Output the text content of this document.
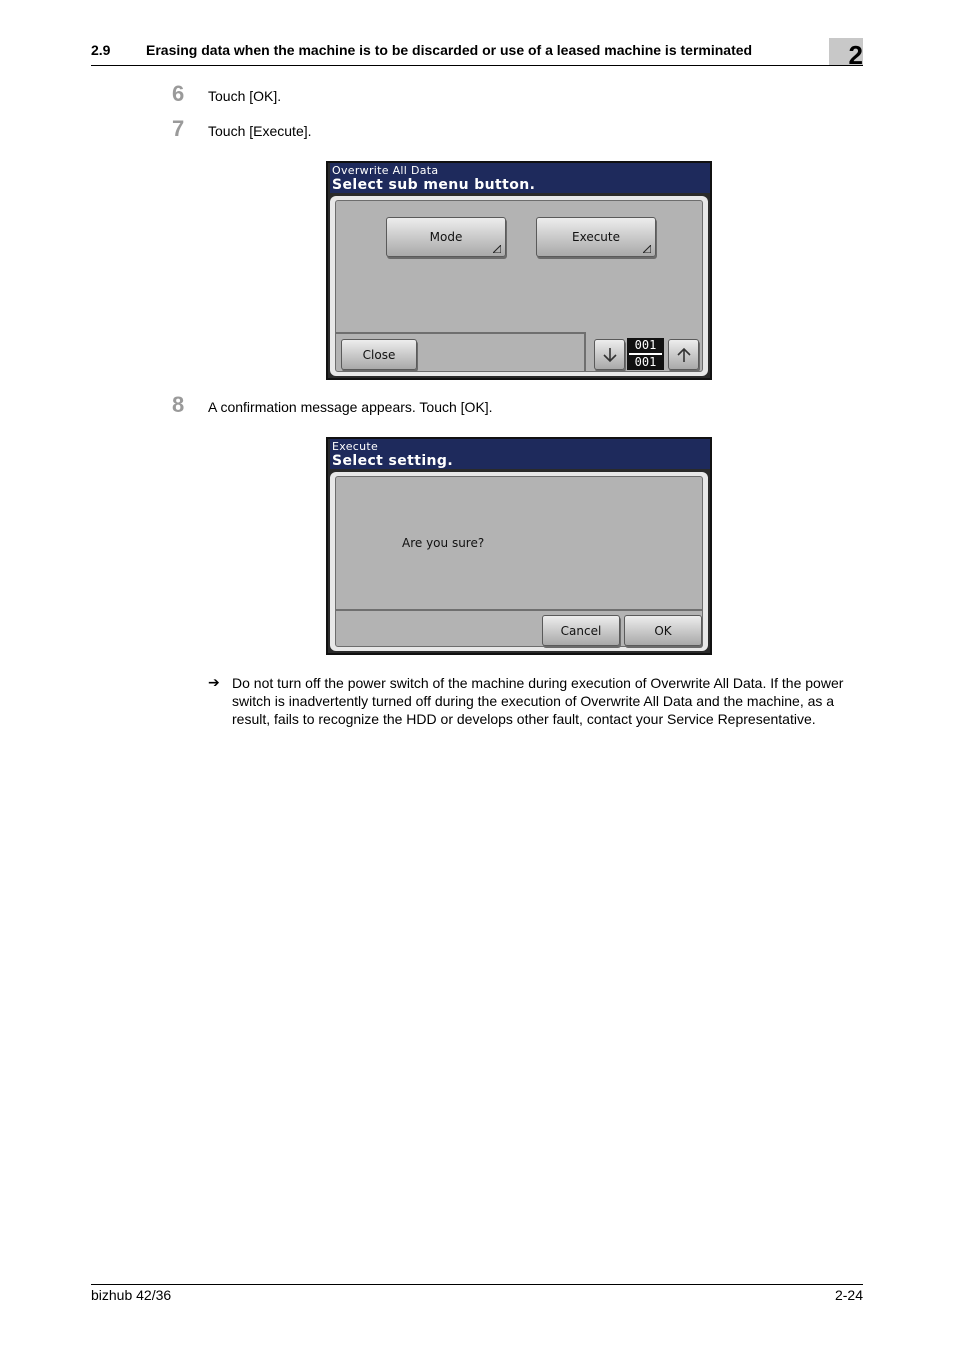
2.9	Erasing data when the machine is to be discarded or use of a leased machine is terminated	2
6 Touch [OK].
7 Touch [Execute].
Overwrite All Data
Select sub menu button.
Mode	Execute
Close
001
001
8 A confirmation message appears. Touch [OK].
Execute
Select setting.
Are you sure?
Cancel	OK
➔ Do not turn off the power switch of the machine during execution of Overwrite All Data. If the power switch is inadvertently turned off during the execution of Overwrite All Data and the machine, as a result, fails to recognize the HDD or develops other fault, contact your Service Representative.
bizhub 42/36	2-24
